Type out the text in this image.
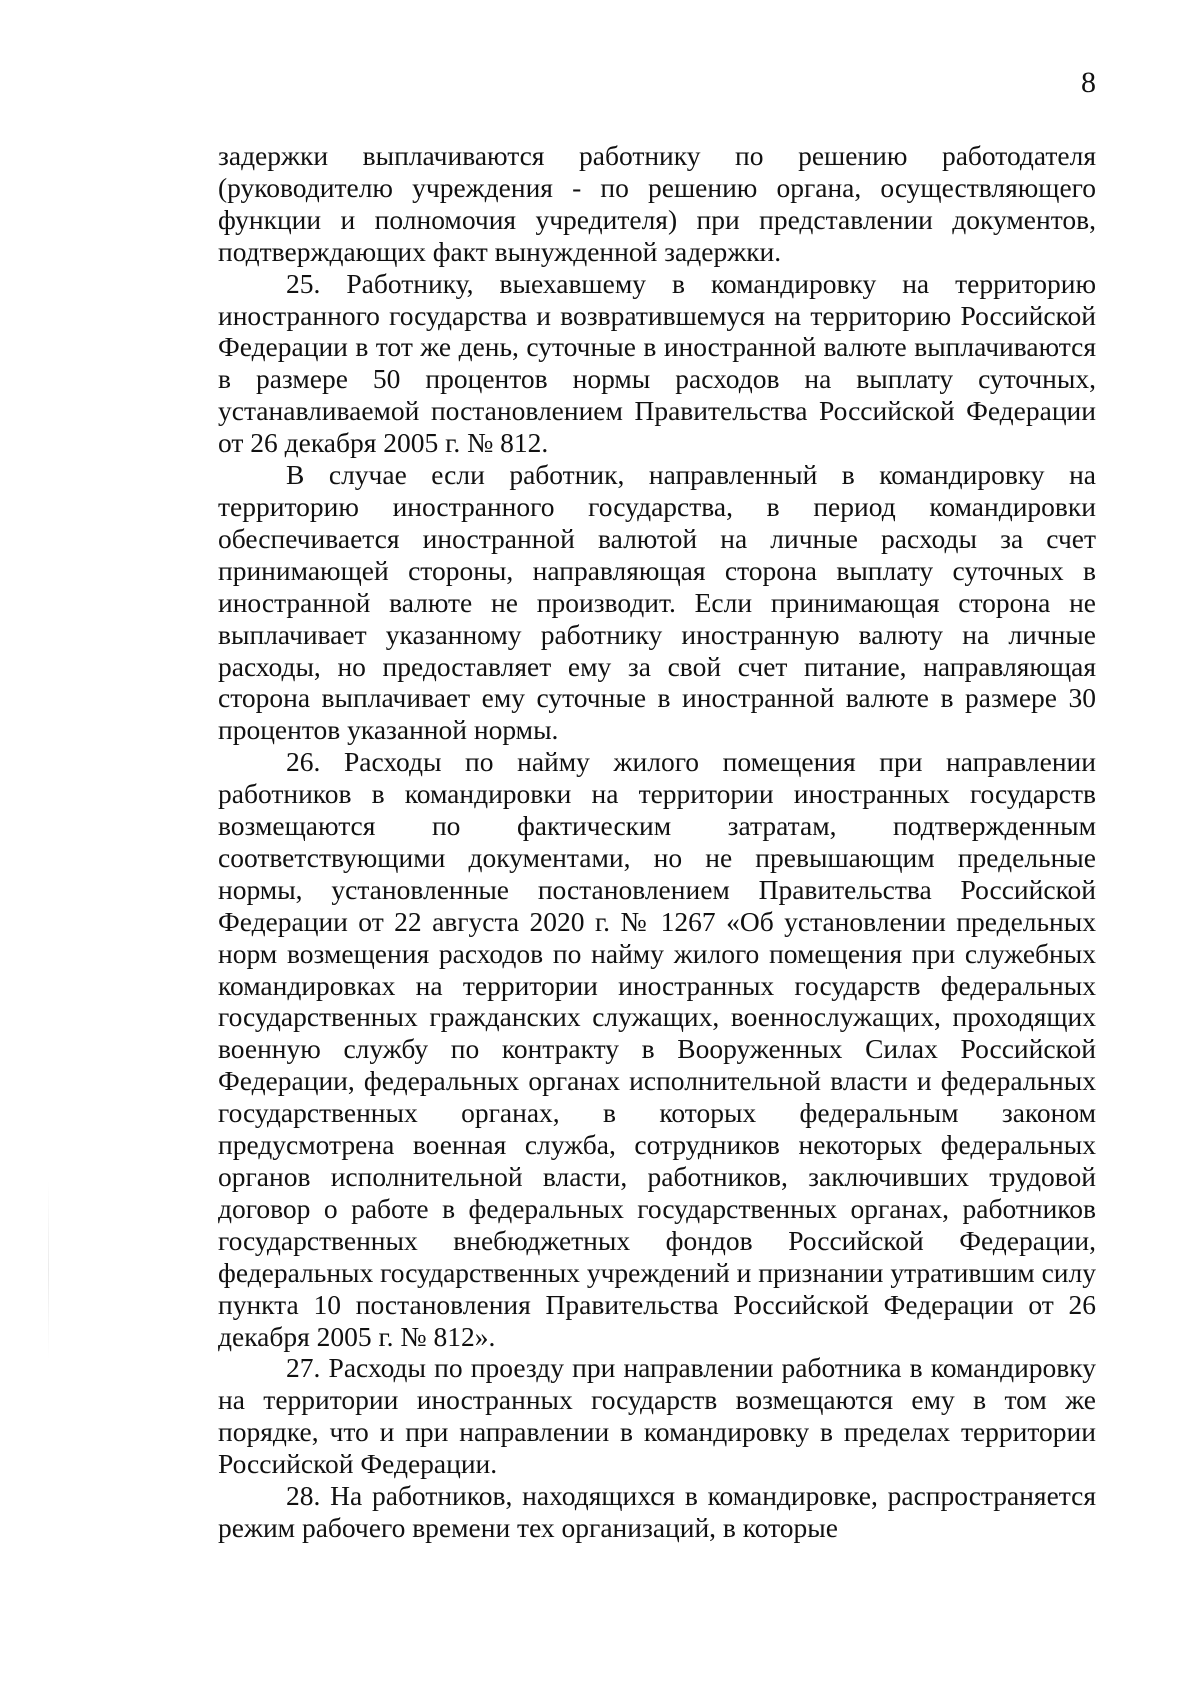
8

задержки выплачиваются работнику по решению работодателя (руководителю учреждения - по решению органа, осуществляющего функции и полномочия учредителя) при представлении документов, подтверждающих факт вынужденной задержки.

25. Работнику, выехавшему в командировку на территорию иностранного государства и возвратившемуся на территорию Российской Федерации в тот же день, суточные в иностранной валюте выплачиваются в размере 50 процентов нормы расходов на выплату суточных, устанавливаемой постановлением Правительства Российской Федерации от 26 декабря 2005 г. № 812.

В случае если работник, направленный в командировку на территорию иностранного государства, в период командировки обеспечивается иностранной валютой на личные расходы за счет принимающей стороны, направляющая сторона выплату суточных в иностранной валюте не производит. Если принимающая сторона не выплачивает указанному работнику иностранную валюту на личные расходы, но предоставляет ему за свой счет питание, направляющая сторона выплачивает ему суточные в иностранной валюте в размере 30 процентов указанной нормы.

26. Расходы по найму жилого помещения при направлении работников в командировки на территории иностранных государств возмещаются по фактическим затратам, подтвержденным соответствующими документами, но не превышающим предельные нормы, установленные постановлением Правительства Российской Федерации от 22 августа 2020 г. № 1267 «Об установлении предельных норм возмещения расходов по найму жилого помещения при служебных командировках на территории иностранных государств федеральных государственных гражданских служащих, военнослужащих, проходящих военную службу по контракту в Вооруженных Силах Российской Федерации, федеральных органах исполнительной власти и федеральных государственных органах, в которых федеральным законом предусмотрена военная служба, сотрудников некоторых федеральных органов исполнительной власти, работников, заключивших трудовой договор о работе в федеральных государственных органах, работников государственных внебюджетных фондов Российской Федерации, федеральных государственных учреждений и признании утратившим силу пункта 10 постановления Правительства Российской Федерации от 26 декабря 2005 г. № 812».

27. Расходы по проезду при направлении работника в командировку на территории иностранных государств возмещаются ему в том же порядке, что и при направлении в командировку в пределах территории Российской Федерации.

28. На работников, находящихся в командировке, распространяется режим рабочего времени тех организаций, в которые
